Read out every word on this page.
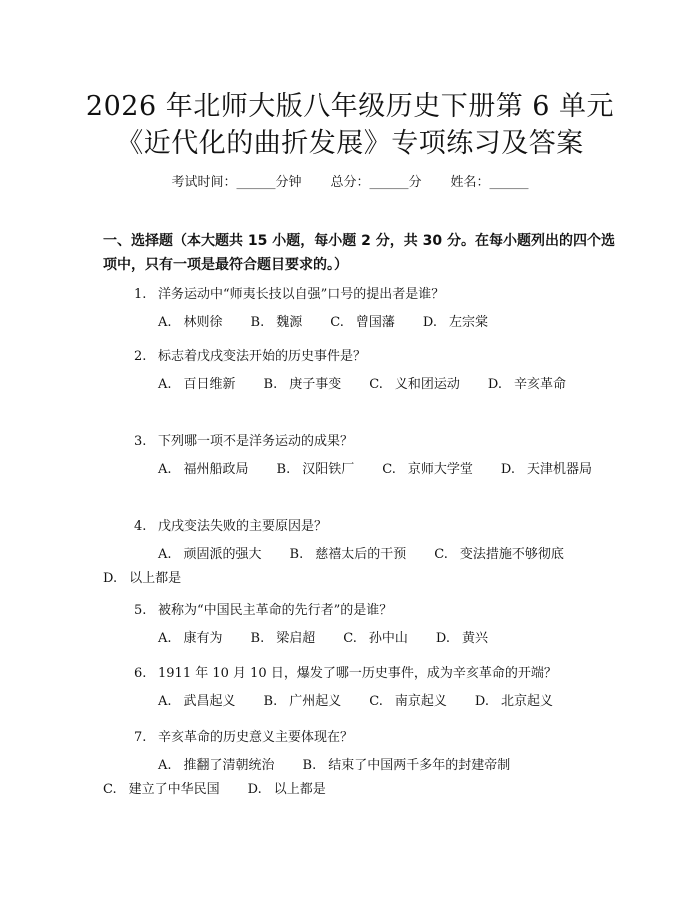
2026 年北师大版八年级历史下册第 6 单元
《近代化的曲折发展》专项练习及答案
考试时间：______分钟 总分：______分 姓名：______
一、选择题（本大题共 15 小题，每小题 2 分，共 30 分。在每小题列出的四个选项中，只有一项是最符合题目要求的。）
1. 洋务运动中“师夷长技以自强”口号的提出者是谁？
A. 林则徐 B. 魏源 C. 曾国藩 D. 左宗棠
2. 标志着戊戌变法开始的历史事件是？
A. 百日维新 B. 庚子事变 C. 义和团运动 D. 辛亥革命
3. 下列哪一项不是洋务运动的成果？
A. 福州船政局 B. 汉阳铁厂 C. 京师大学堂 D. 天津机器局
4. 戊戌变法失败的主要原因是？
A. 顽固派的强大 B. 慈禧太后的干预 C. 变法措施不够彻底D. 以上都是
5. 被称为“中国民主革命的先行者”的是谁？
A. 康有为 B. 梁启超 C. 孙中山 D. 黄兴
6. 1911 年 10 月 10 日，爆发了哪一历史事件，成为辛亥革命的开端？
A. 武昌起义 B. 广州起义 C. 南京起义 D. 北京起义
7. 辛亥革命的历史意义主要体现在？
A. 推翻了清朝统治 B. 结束了中国两千多年的封建帝制C. 建立了中华民国 D. 以上都是
